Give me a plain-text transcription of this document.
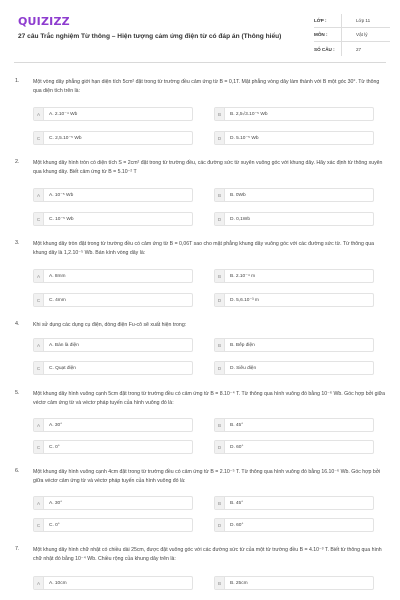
QUIZIZZ
27 câu Trắc nghiệm Từ thông – Hiện tượng cảm ứng điện từ có đáp án (Thông hiểu)
LỚP :	Lớp 11
MÔN :	Vật lý
SỐ CÂU :	27
1.	Một vòng dây phẳng giới hạn diện tích 5cm² đặt trong từ trường đều cảm ứng từ B = 0,1T. Mặt phẳng vòng dây làm thành với B một góc 30°. Từ thông qua diện tích trên là:
A	A. 2.10⁻⁴ Wb	B	B. 2,5√3.10⁻⁵ Wb
C	C. 2,5.10⁻⁵ Wb	D	D. 5.10⁻⁵ Wb
2.	Một khung dây hình tròn có diện tích S = 2cm² đặt trong từ trường đều, các đường sức từ xuyên vuông góc với khung dây. Hãy xác định từ thông xuyên qua khung dây. Biết cảm ứng từ B = 5.10⁻² T
A	A. 10⁻⁵ Wb	B	B. 0Wb
C	C. 10⁻⁵ Wb	D	D. 0,1Wb
3.	Một khung dây tròn đặt trong từ trường đều có cảm ứng từ B = 0,06T sao cho mặt phẳng khung dây vuông góc với các đường sức từ. Từ thông qua khung dây là 1,2.10⁻⁵ Wb. Bán kính vòng dây là:
A	A. 8mm	B	B. 2.10⁻⁴ m
C	C. 4mm	D	D. 5,6.10⁻³ m
4.	Khi sử dụng các dụng cụ điện, dòng điện Fu-cô sẽ xuất hiện trong:
A	A. Bàn là điện	B	B. Bếp điện
C	C. Quạt điện	D	D. Siêu điện
5.	Một khung dây hình vuông cạnh 5cm đặt trong từ trường đều có cảm ứng từ B = 8.10⁻⁴ T. Từ thông qua hình vuông đó bằng 10⁻⁶ Wb. Góc hợp bởi giữa véctơ cảm ứng từ và véctơ pháp tuyến của hình vuông đó là:
A	A. 30°	B	B. 45°
C	C. 0°	D	D. 60°
6.	Một khung dây hình vuông cạnh 4cm đặt trong từ trường đều có cảm ứng từ B = 2.10⁻⁵ T. Từ thông qua hình vuông đó bằng 16.10⁻⁶ Wb. Góc hợp bởi giữa véctơ cảm ứng từ và véctơ pháp tuyến của hình vuông đó là:
A	A. 30°	B	B. 45°
C	C. 0°	D	D. 60°
7.	Một khung dây hình chữ nhật có chiều dài 25cm, được đặt vuông góc với các đường sức từ của một từ trường đều B = 4.10⁻³ T. Biết từ thông qua hình chữ nhật đó bằng 10⁻⁴ Wb. Chiều rộng của khung dây trên là:
A	A. 10cm	B	B. 25cm
